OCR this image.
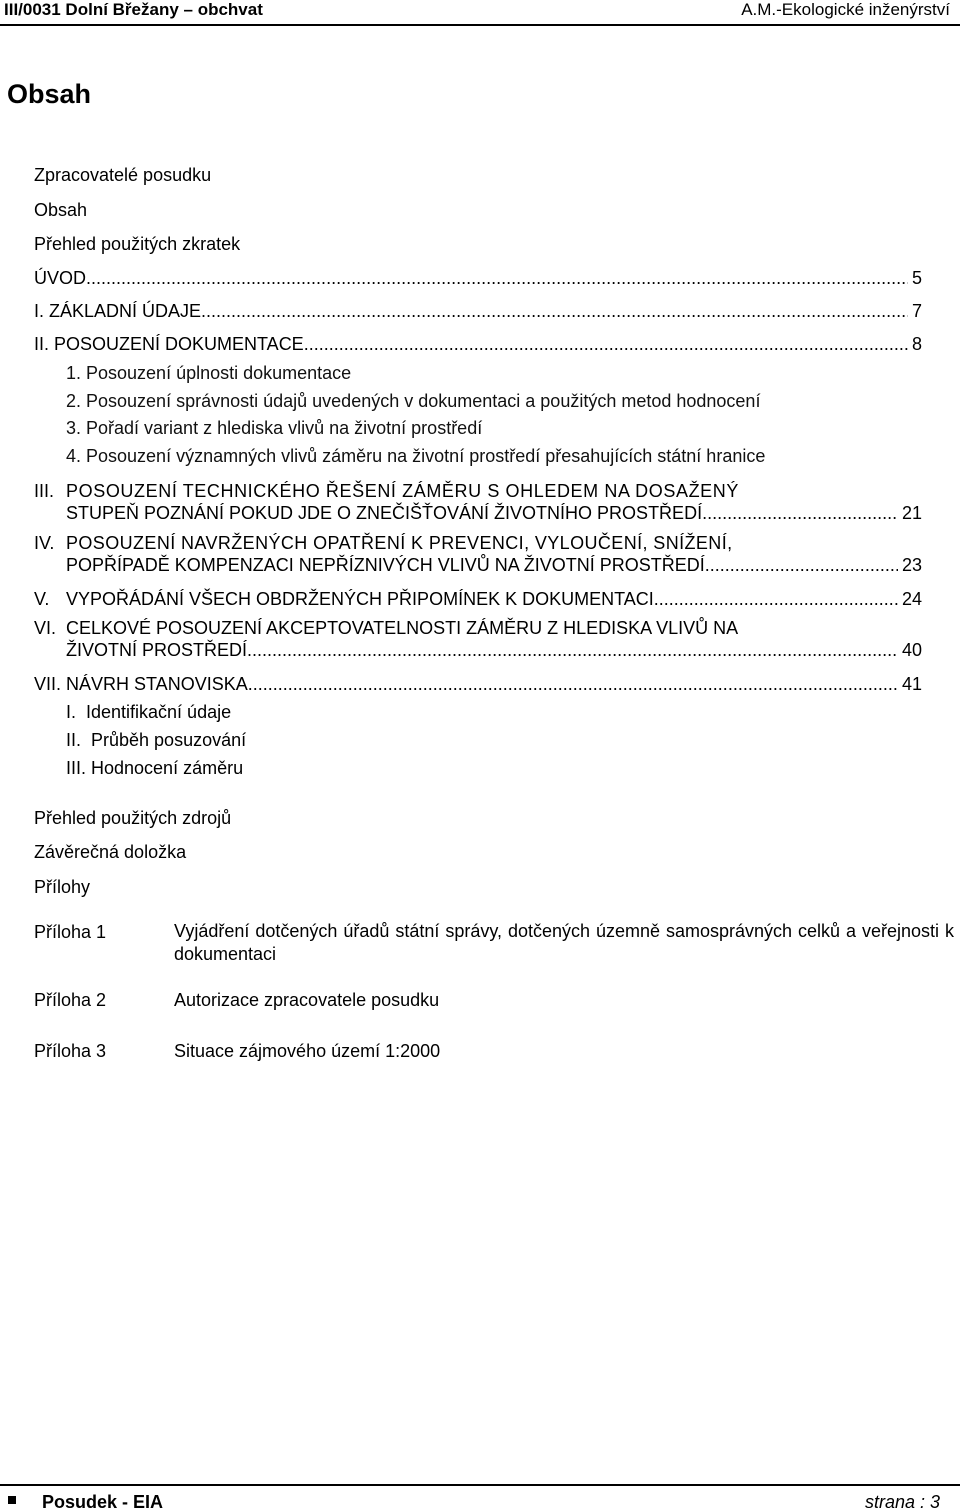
III/0031 Dolní Břežany – obchvat	A.M.-Ekologické inženýrství
Obsah
Zpracovatelé posudku
Obsah
Přehled použitých zkratek
ÚVOD .....	5
I. ZÁKLADNÍ ÚDAJE .....	7
II. POSOUZENÍ DOKUMENTACE .....	8
1. Posouzení úplnosti dokumentace
2. Posouzení správnosti údajů uvedených v dokumentaci a použitých metod hodnocení
3. Pořadí variant z hlediska vlivů na životní prostředí
4. Posouzení významných vlivů záměru na životní prostředí přesahujících státní hranice
III. POSOUZENÍ TECHNICKÉHO ŘEŠENÍ ZÁMĚRU S OHLEDEM NA DOSAŽENÝ
STUPEŇ POZNÁNÍ POKUD JDE O ZNEČIŠŤOVÁNÍ ŽIVOTNÍHO PROSTŘEDÍ .....	21
IV. POSOUZENÍ NAVRŽENÝCH OPATŘENÍ K PREVENCI, VYLOUČENÍ, SNÍŽENÍ,
POPŘÍPADĚ KOMPENZACI NEPŘÍZNIVÝCH VLIVŮ NA ŽIVOTNÍ PROSTŘEDÍ .....	23
V. VYPOŘÁDÁNÍ VŠECH OBDRŽENÝCH PŘIPOMÍNEK K DOKUMENTACI .....	24
VI. CELKOVÉ POSOUZENÍ AKCEPTOVATELNOSTI ZÁMĚRU Z HLEDISKA VLIVŮ NA
ŽIVOTNÍ PROSTŘEDÍ .....	40
VII. NÁVRH STANOVISKA .....	41
I.  Identifikační údaje
II.  Průběh posuzování
III. Hodnocení záměru
Přehled použitých zdrojů
Závěrečná doložka
Přílohy
Příloha 1	Vyjádření dotčených úřadů státní správy, dotčených územně samosprávných celků a veřejnosti k dokumentaci
Příloha 2	Autorizace zpracovatele posudku
Příloha 3	Situace zájmového území 1:2000
Posudek - EIA	strana : 3
